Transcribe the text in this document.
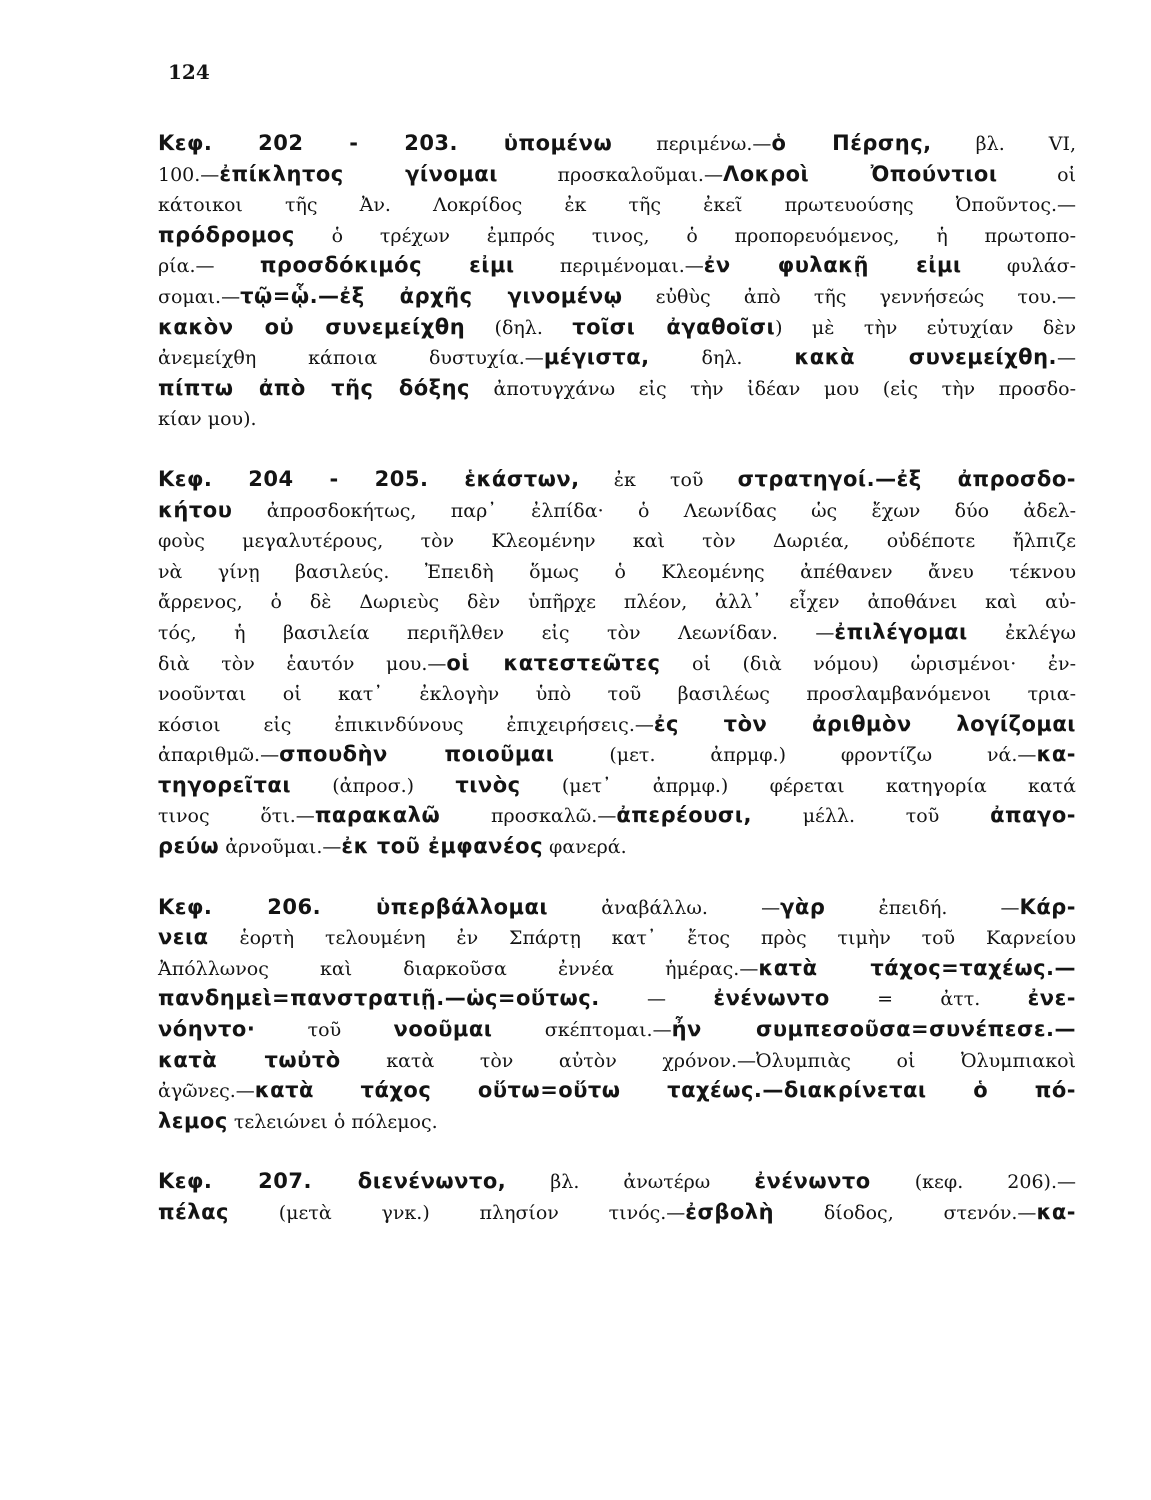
124
Κεφ. 202 - 203. ὑπομένω περιμένω.—ὁ Πέρσης, βλ. VI,
100.—ἐπίκλητος γίνομαι προσκαλοῦμαι.—Λοκροὶ Ὀπούντιοι οἱ
κάτοικοι τῆς Ἀν. Λοκρίδος ἐκ τῆς ἐκεῖ πρωτευούσης Ὀποῦντος.—
πρόδρομος ὁ τρέχων ἐμπρός τινος, ὁ προπορευόμενος, ἡ πρωτοπο-
ρία.— προσδόκιμός εἰμι περιμένομαι.—ἐν φυλακῇ εἰμι φυλάσ-
σομαι.—τῷ=ᾧ.—ἐξ ἀρχῆς γινομένῳ εὐθὺς ἀπὸ τῆς γεννήσεώς του.—
κακὸν οὐ συνεμείχθη (δηλ. τοῖσι ἀγαθοῖσι) μὲ τὴν εὐτυχίαν δὲν
ἀνεμείχθη κάποια δυστυχία.—μέγιστα, δηλ. κακὰ συνεμείχθη.—
πίπτω ἀπὸ τῆς δόξης ἀποτυγχάνω εἰς τὴν ἰδέαν μου (εἰς τὴν προσδο-
κίαν μου).
Κεφ. 204 - 205. ἑκάστων, ἐκ τοῦ στρατηγοί.—ἐξ ἀπροσδο-
κήτου ἀπροσδοκήτως, παρ᾽ ἐλπίδα· ὁ Λεωνίδας ὡς ἔχων δύο ἀδελ-
φοὺς μεγαλυτέρους, τὸν Κλεομένην καὶ τὸν Δωριέα, οὐδέποτε ἤλπιζε
νὰ γίνῃ βασιλεύς. Ἐπειδὴ ὅμως ὁ Κλεομένης ἀπέθανεν ἄνευ τέκνου
ἄρρενος, ὁ δὲ Δωριεὺς δὲν ὑπῆρχε πλέον, ἀλλ᾽ εἶχεν ἀποθάνει καὶ αὐ-
τός, ἡ βασιλεία περιῆλθεν εἰς τὸν Λεωνίδαν. —ἐπιλέγομαι ἐκλέγω
διὰ τὸν ἑαυτόν μου.—οἱ κατεστεῶτες οἱ (διὰ νόμου) ὡρισμένοι· ἐν-
νοοῦνται οἱ κατ᾽ ἐκλογὴν ὑπὸ τοῦ βασιλέως προσλαμβανόμενοι τρια-
κόσιοι εἰς ἐπικινδύνους ἐπιχειρήσεις.—ἐς τὸν ἀριθμὸν λογίζομαι
ἀπαριθμῶ.—σπουδὴν ποιοῦμαι (μετ. ἀπρμφ.) φροντίζω νά.—κα-
τηγορεῖται (ἀπροσ.) τινὸς (μετ᾽ ἀπρμφ.) φέρεται κατηγορία κατά
τινος ὅτι.—παρακαλῶ προσκαλῶ.—ἀπερέουσι, μέλλ. τοῦ ἀπαγο-
ρεύω ἀρνοῦμαι.—ἐκ τοῦ ἐμφανέος φανερά.
Κεφ. 206. ὑπερβάλλομαι ἀναβάλλω. —γὰρ ἐπειδή. —Κάρ-
νεια ἑορτὴ τελουμένη ἐν Σπάρτῃ κατ᾽ ἔτος πρὸς τιμὴν τοῦ Καρνείου
Ἀπόλλωνος καὶ διαρκοῦσα ἐννέα ἡμέρας.—κατὰ τάχος=ταχέως.—
πανδημεὶ=πανστρατιῇ.—ὡς=οὕτως. — ἐνένωντο = ἀττ. ἐνε-
νόηντο· τοῦ νοοῦμαι σκέπτομαι.—ἦν συμπεσοῦσα=συνέπεσε.—
κατὰ τωὐτὸ κατὰ τὸν αὐτὸν χρόνον.—Ὀλυμπιὰς οἱ Ὀλυμπιακοὶ
ἀγῶνες.—κατὰ τάχος οὕτω=οὕτω ταχέως.—διακρίνεται ὁ πό-
λεμος τελειώνει ὁ πόλεμος.
Κεφ. 207. διενένωντο, βλ. ἀνωτέρω ἐνένωντο (κεφ. 206).—
πέλας (μετὰ γνκ.) πλησίον τινός.—ἐσβολὴ δίοδος, στενόν.—κα-
